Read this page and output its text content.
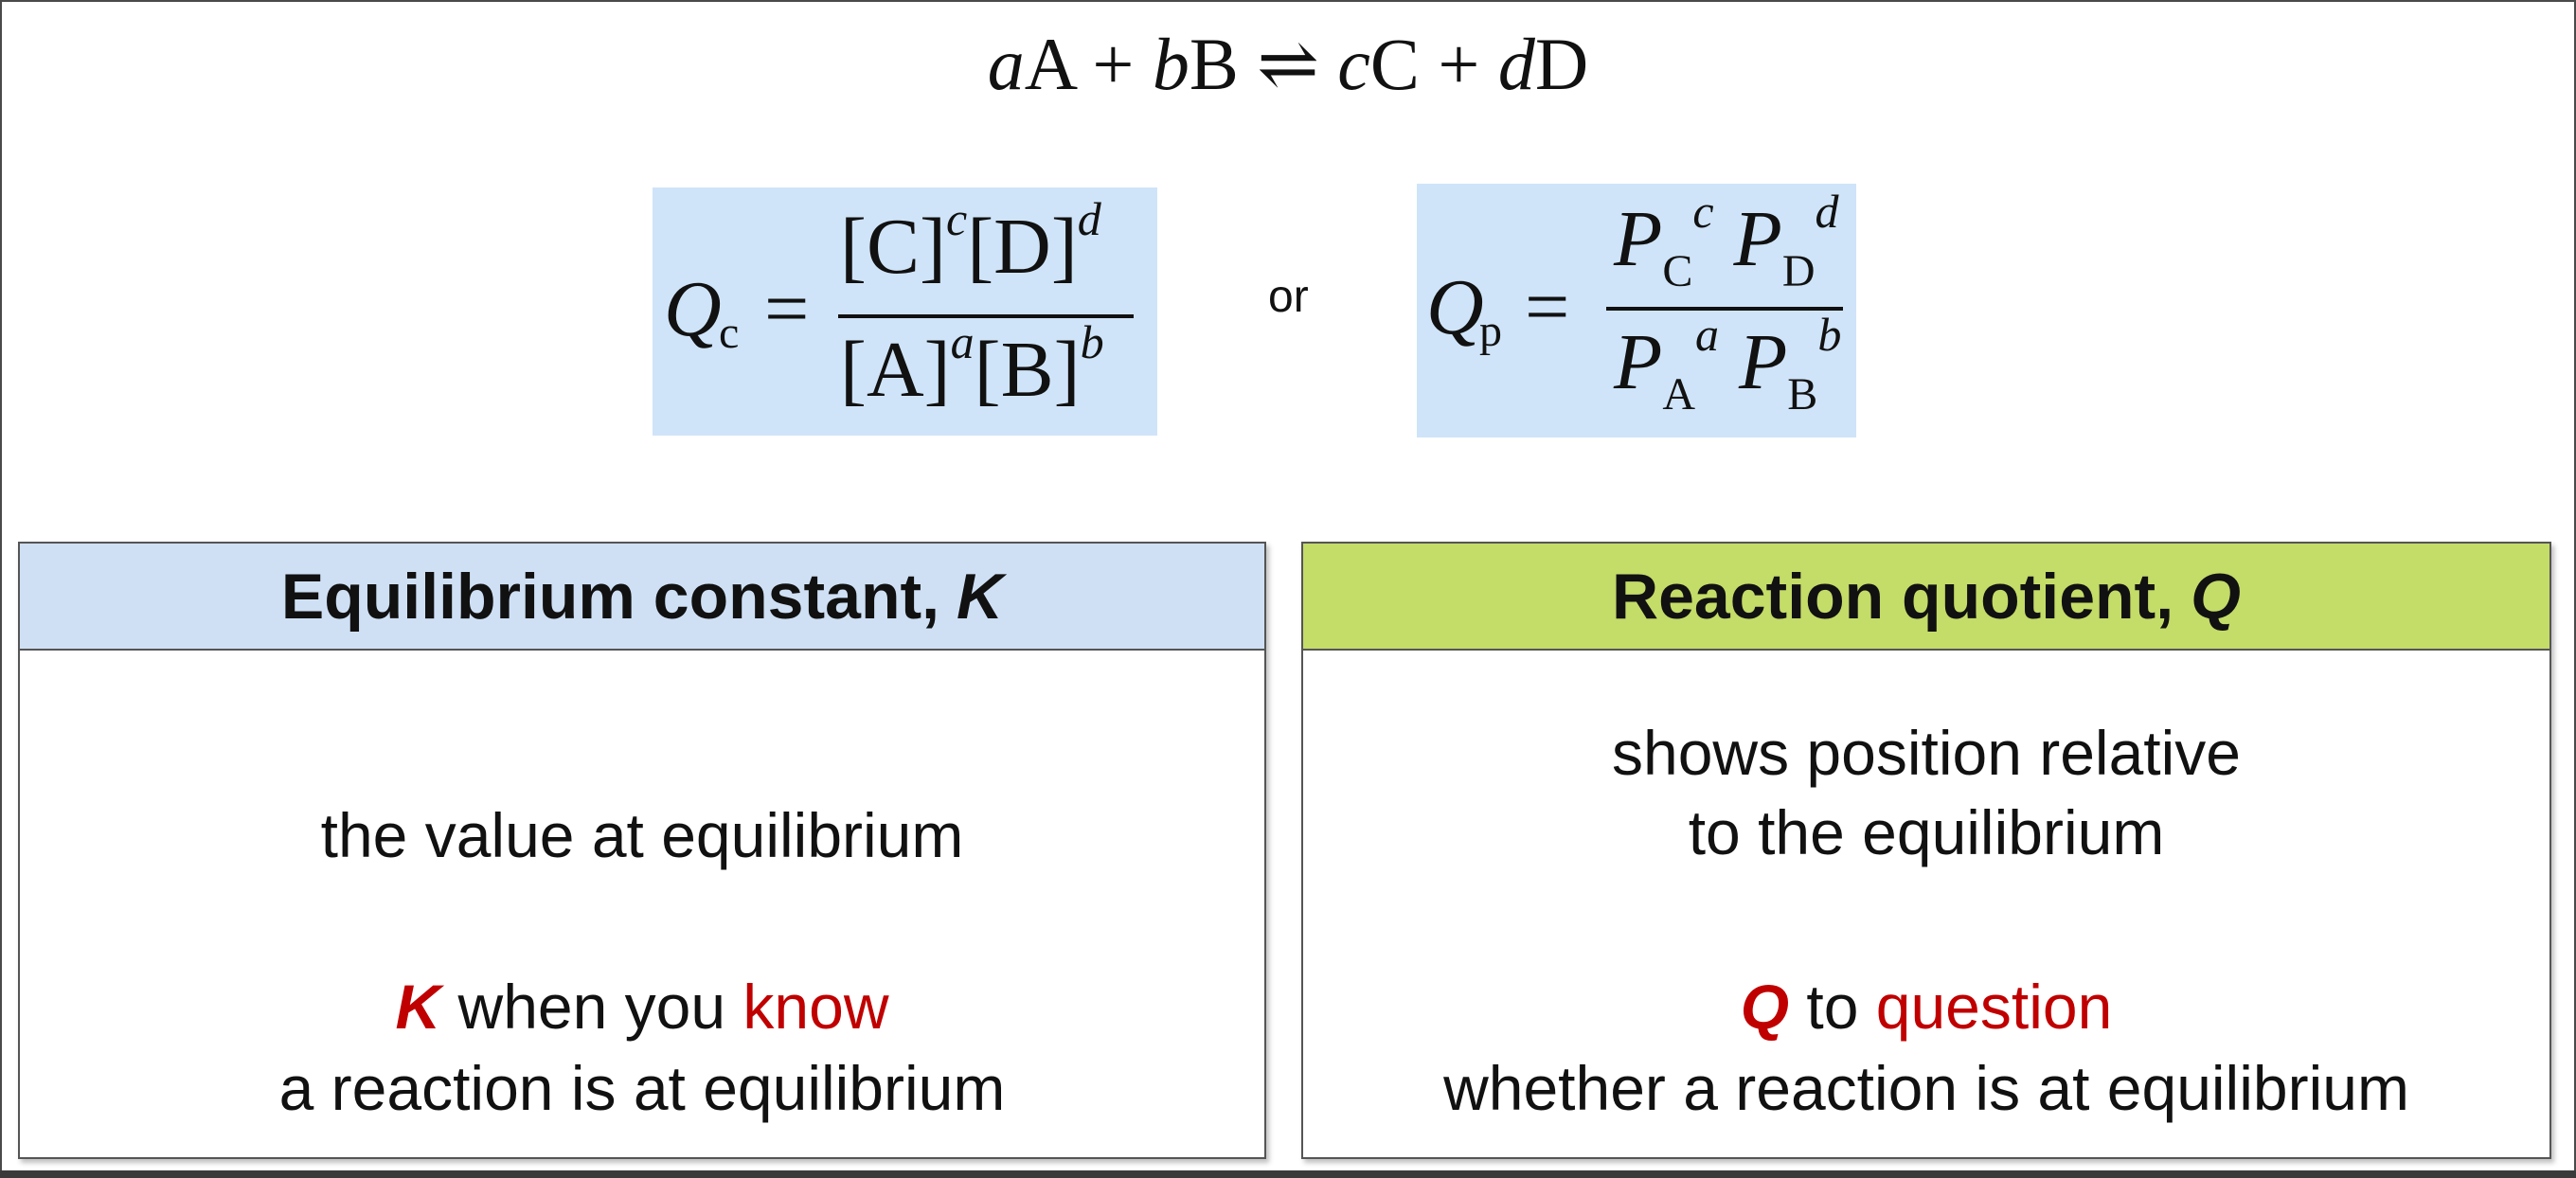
aA + bB ⇌ cC + dD
Q
c =
$[C]^c[D]^d$
$[A]^a[B]^b$
or Q
p =
$P_C^c$ $P_D^d$
$P_A^a$ $P_B^b$
Equilibrium constant, K
the value at equilibrium
K when you know
a reaction is at equilibrium
Reaction quotient, Q
shows position relative
to the equilibrium
Q to question
whether a reaction is at equilibrium
